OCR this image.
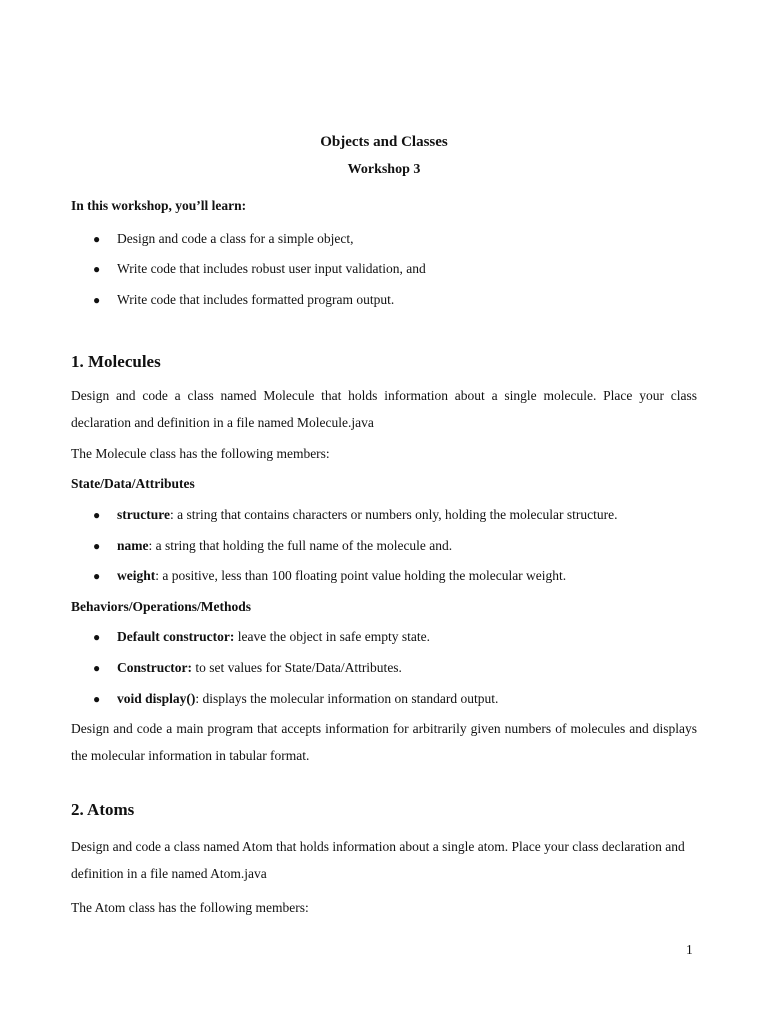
Objects and Classes
Workshop 3
In this workshop, you’ll learn:
● Design and code a class for a simple object,
● Write code that includes robust user input validation, and
● Write code that includes formatted program output.
1. Molecules
Design and code a class named Molecule that holds information about a single molecule. Place your class declaration and definition in a file named Molecule.java
The Molecule class has the following members:
State/Data/Attributes
● structure: a string that contains characters or numbers only, holding the molecular structure.
● name: a string that holding the full name of the molecule and.
● weight: a positive, less than 100 floating point value holding the molecular weight.
Behaviors/Operations/Methods
● Default constructor: leave the object in safe empty state.
● Constructor: to set values for State/Data/Attributes.
● void display(): displays the molecular information on standard output.
Design and code a main program that accepts information for arbitrarily given numbers of molecules and displays the molecular information in tabular format.
2. Atoms
Design and code a class named Atom that holds information about a single atom. Place your class declaration and definition in a file named Atom.java
The Atom class has the following members:
1
